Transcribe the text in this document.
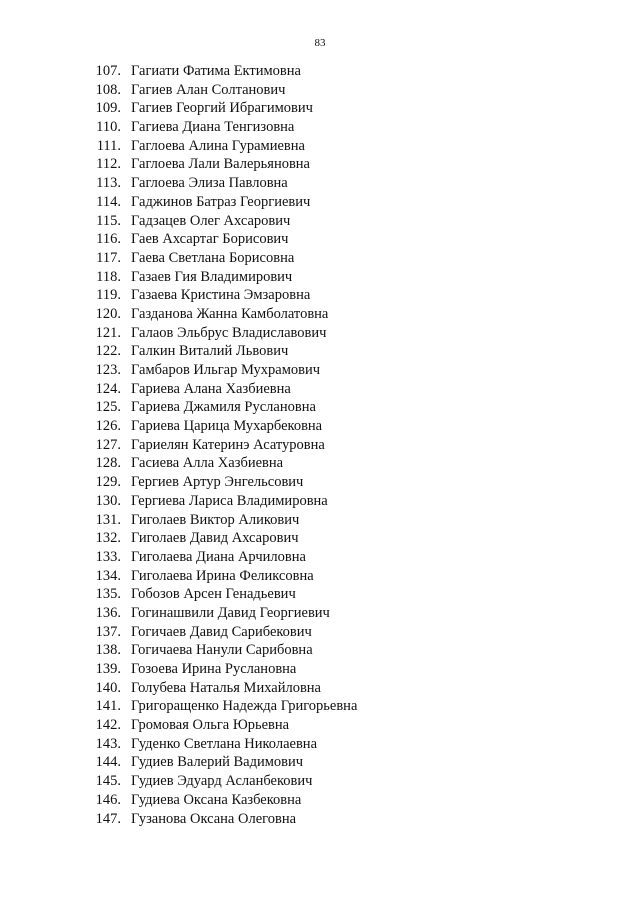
83
107. Гагиати Фатима Ектимовна
108. Гагиев Алан Солтанович
109. Гагиев Георгий Ибрагимович
110. Гагиева Диана Тенгизовна
111. Гаглоева Алина Гурамиевна
112. Гаглоева Лали Валерьяновна
113. Гаглоева Элиза Павловна
114. Гаджинов Батраз Георгиевич
115. Гадзацев Олег Ахсарович
116. Гаев Ахсартаг Борисович
117. Гаева Светлана Борисовна
118. Газаев Гия Владимирович
119. Газаева Кристина Эмзаровна
120. Газданова Жанна Камболатовна
121. Галаов Эльбрус Владиславович
122. Галкин Виталий Львович
123. Гамбаров Ильгар Мухрамович
124. Гариева Алана Хазбиевна
125. Гариева Джамиля Руслановна
126. Гариева Царица Мухарбековна
127. Гариелян Катеринэ Асатуровна
128. Гасиева Алла Хазбиевна
129. Гергиев Артур Энгельсович
130. Гергиева Лариса Владимировна
131. Гиголаев Виктор Аликович
132. Гиголаев Давид Ахсарович
133. Гиголаева Диана Арчиловна
134. Гиголаева Ирина Феликсовна
135. Гобозов Арсен Генадьевич
136. Гогинашвили Давид Георгиевич
137. Гогичаев Давид Сарибекович
138. Гогичаева Нанули Сарибовна
139. Гозоева Ирина Руслановна
140. Голубева Наталья Михайловна
141. Григоращенко Надежда Григорьевна
142. Громовая Ольга Юрьевна
143. Гуденко Светлана Николаевна
144. Гудиев Валерий Вадимович
145. Гудиев Эдуард Асланбекович
146. Гудиева Оксана Казбековна
147. Гузанова Оксана Олеговна
